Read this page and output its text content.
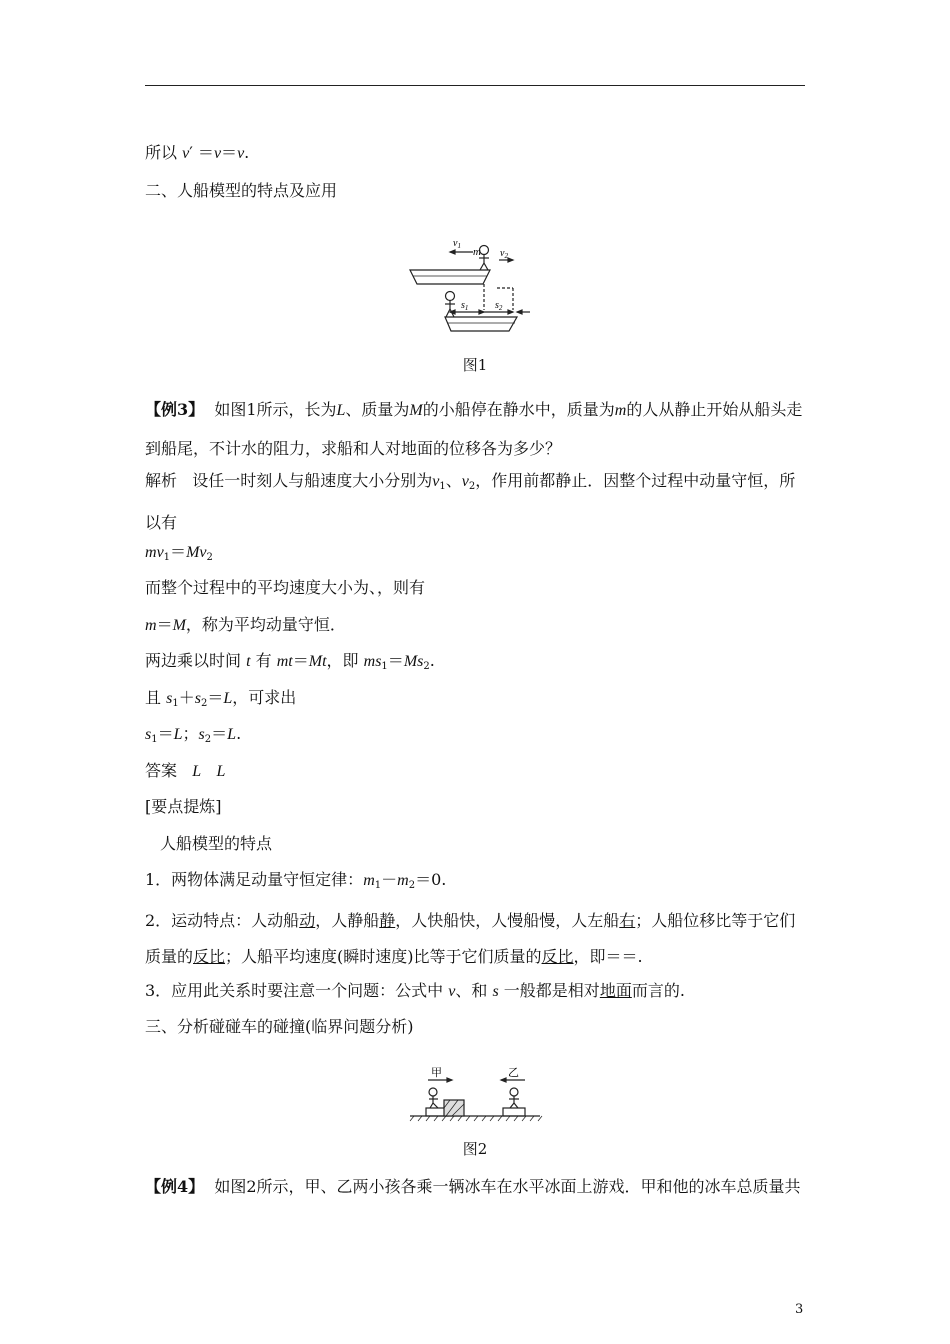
所以 v′ ＝v＝v.
二、人船模型的特点及应用
$v_1$ m $v_2$
$s_1$	$s_2$
图1
【例3】 如图1所示，长为L、质量为M的小船停在静水中，质量为m的人从静止开始从船头走到船尾，不计水的阻力，求船和人对地面的位移各为多少？
解析 设任一时刻人与船速度大小分别为$v_1$、$v_2$，作用前都静止．因整个过程中动量守恒，所以有
$mv_1=Mv_2$
而整个过程中的平均速度大小为、，则有
m＝M，称为平均动量守恒．
两边乘以时间 t 有 mt＝Mt，即 $ms_1=Ms_2$.
且 $s_1+s_2=L$，可求出
$s_1=L$；$s_2=L$.
答案 L L
[要点提炼]
人船模型的特点
1．两物体满足动量守恒定律：$m_1-m_2=0$.
2．运动特点：人动船动，人静船静，人快船快，人慢船慢，人左船右；人船位移比等于它们质量的反比；人船平均速度(瞬时速度)比等于它们质量的反比，即＝＝.
3．应用此关系时要注意一个问题：公式中 v、和 s 一般都是相对地面而言的.
三、分析碰碰车的碰撞(临界问题分析)
甲	乙
图2
【例4】 如图2所示，甲、乙两小孩各乘一辆冰车在水平冰面上游戏．甲和他的冰车总质量共
3
